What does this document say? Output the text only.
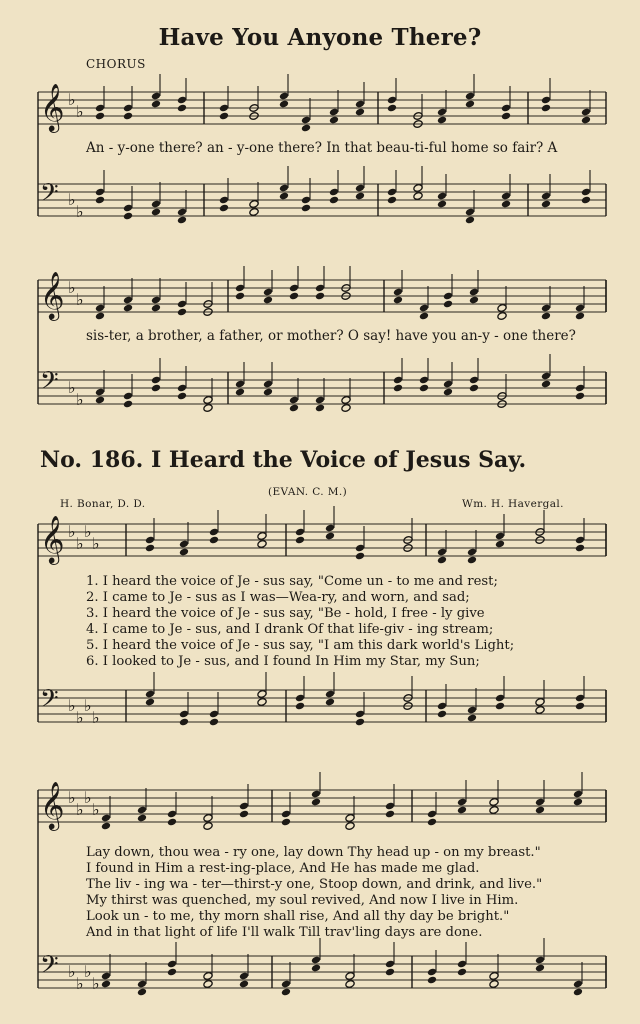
𝄞
𝄢
♭
♭
♭
♭
𝄞
𝄢
♭
♭
♭
♭
𝄞
𝄢
♭
♭
♭
♭
♭
♭
♭
♭
𝄞
𝄢
♭
♭
♭
♭
♭
♭
♭
♭
Have You Anyone There?
CHORUS
An - y-one there? an - y-one there? In that beau-ti-ful home so fair? A
sis-ter, a brother, a father, or mother? O say! have you an-y - one there?
No. 186. I Heard the Voice of Jesus Say.
H. Bonar, D. D.
(EVAN. C. M.)
Wm. H. Havergal.
1. I heard the voice of Je - sus say, "Come un - to me and rest;
2. I came to Je - sus as I was—Wea-ry, and worn, and sad;
3. I heard the voice of Je - sus say, "Be - hold, I free - ly give
4. I came to Je - sus, and I drank Of that life-giv - ing stream;
5. I heard the voice of Je - sus say, "I am this dark world's Light;
6. I looked to Je - sus, and I found In Him my Star, my Sun;
Lay down, thou wea - ry one, lay down Thy head up - on my breast."
I found in Him a rest-ing-place, And He has made me glad.
The liv - ing wa - ter—thirst-y one, Stoop down, and drink, and live."
My thirst was quenched, my soul revived, And now I live in Him.
Look un - to me, thy morn shall rise, And all thy day be bright."
And in that light of life I'll walk Till trav'ling days are done.
